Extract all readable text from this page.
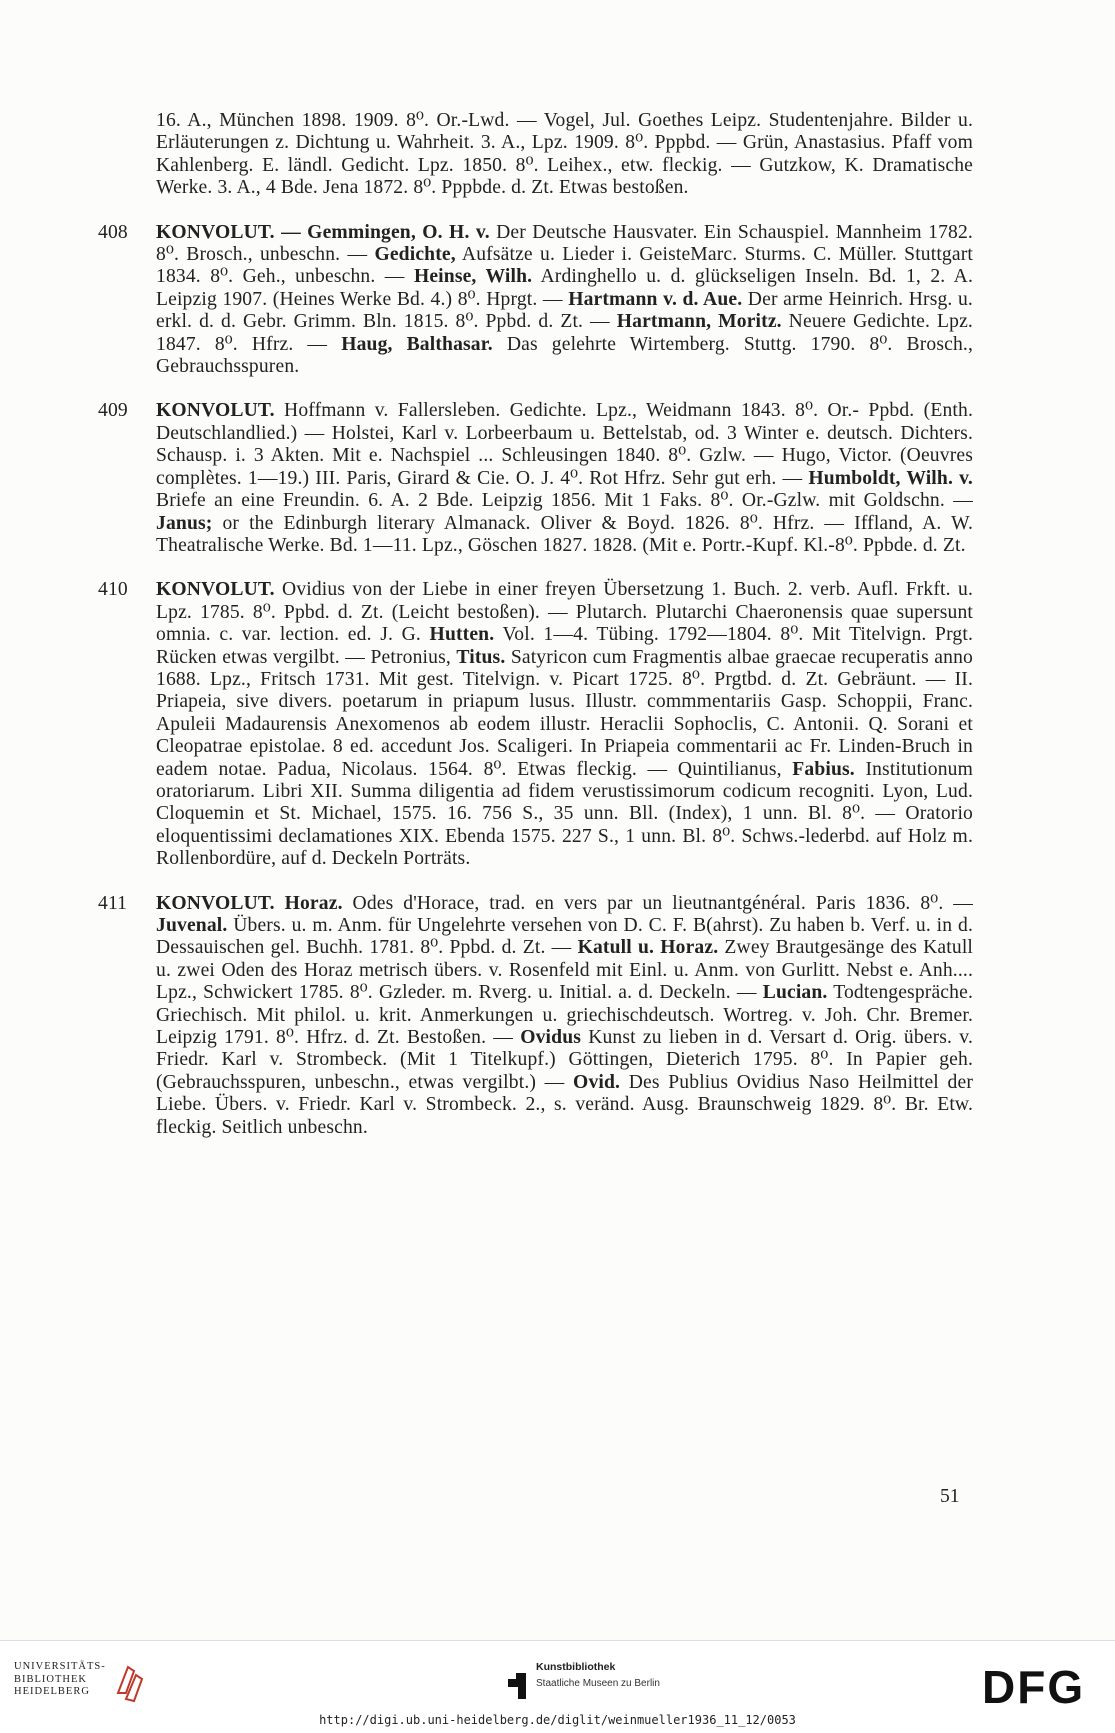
16. A., München 1898. 1909. 8⁰. Or.-Lwd. — Vogel, Jul. Goethes Leipz. Studentenjahre. Bilder u. Erläuterungen z. Dichtung u. Wahrheit. 3. A., Lpz. 1909. 8⁰. Pppbd. — Grün, Anastasius. Pfaff vom Kahlenberg. E. ländl. Gedicht. Lpz. 1850. 8⁰. Leihex., etw. fleckig. — Gutzkow, K. Dramatische Werke. 3. A., 4 Bde. Jena 1872. 8⁰. Pppbde. d. Zt. Etwas bestoßen.
408	KONVOLUT. — Gemmingen, O. H. v. Der Deutsche Hausvater. Ein Schauspiel. Mannheim 1782. 8⁰. Brosch., unbeschn. — Gedichte, Aufsätze u. Lieder i. GeisteMarc. Sturms. C. Müller. Stuttgart 1834. 8⁰. Geh., unbeschn. — Heinse, Wilh. Ardinghello u. d. glückseligen Inseln. Bd. 1, 2. A. Leipzig 1907. (Heines Werke Bd. 4.) 8⁰. Hprgt. — Hartmann v. d. Aue. Der arme Heinrich. Hrsg. u. erkl. d. d. Gebr. Grimm. Bln. 1815. 8⁰. Ppbd. d. Zt. — Hartmann, Moritz. Neuere Gedichte. Lpz. 1847. 8⁰. Hfrz. — Haug, Balthasar. Das gelehrte Wirtemberg. Stuttg. 1790. 8⁰. Brosch., Gebrauchsspuren.
409	KONVOLUT. Hoffmann v. Fallersleben. Gedichte. Lpz., Weidmann 1843. 8⁰. Or.- Ppbd. (Enth. Deutschlandlied.) — Holstei, Karl v. Lorbeerbaum u. Bettelstab, od. 3 Winter e. deutsch. Dichters. Schausp. i. 3 Akten. Mit e. Nachspiel ... Schleusingen 1840. 8⁰. Gzlw. — Hugo, Victor. (Oeuvres complètes. 1—19.) III. Paris, Girard & Cie. O. J. 4⁰. Rot Hfrz. Sehr gut erh. — Humboldt, Wilh. v. Briefe an eine Freundin. 6. A. 2 Bde. Leipzig 1856. Mit 1 Faks. 8⁰. Or.-Gzlw. mit Goldschn. — Janus; or the Edinburgh literary Almanack. Oliver & Boyd. 1826. 8⁰. Hfrz. — Iffland, A. W. Theatralische Werke. Bd. 1—11. Lpz., Göschen 1827. 1828. (Mit e. Portr.-Kupf. Kl.-8⁰. Ppbde. d. Zt.
410	KONVOLUT. Ovidius von der Liebe in einer freyen Übersetzung 1. Buch. 2. verb. Aufl. Frkft. u. Lpz. 1785. 8⁰. Ppbd. d. Zt. (Leicht bestoßen). — Plutarch. Plutarchi Chaeronensis quae supersunt omnia. c. var. lection. ed. J. G. Hutten. Vol. 1—4. Tübing. 1792—1804. 8⁰. Mit Titelvign. Prgt. Rücken etwas vergilbt. — Petronius, Titus. Satyricon cum Fragmentis albae graecae recuperatis anno 1688. Lpz., Fritsch 1731. Mit gest. Titelvign. v. Picart 1725. 8⁰. Prgtbd. d. Zt. Gebräunt. — II. Priapeia, sive divers. poetarum in priapum lusus. Illustr. commmentariis Gasp. Schoppii, Franc. Apuleii Madaurensis Anexomenos ab eodem illustr. Heraclii Sophoclis, C. Antonii. Q. Sorani et Cleopatrae epistolae. 8 ed. accedunt Jos. Scaligeri. In Priapeia commentarii ac Fr. Linden-Bruch in eadem notae. Padua, Nicolaus. 1564. 8⁰. Etwas fleckig. — Quintilianus, Fabius. Institutionum oratoriarum. Libri XII. Summa diligentia ad fidem verustissimorum codicum recogniti. Lyon, Lud. Cloquemin et St. Michael, 1575. 16. 756 S., 35 unn. Bll. (Index), 1 unn. Bl. 8⁰. — Oratorio eloquentissimi declamationes XIX. Ebenda 1575. 227 S., 1 unn. Bl. 8⁰. Schws.-lederbd. auf Holz m. Rollenbordüre, auf d. Deckeln Porträts.
411	KONVOLUT. Horaz. Odes d'Horace, trad. en vers par un lieutnantgénéral. Paris 1836. 8⁰. — Juvenal. Übers. u. m. Anm. für Ungelehrte versehen von D. C. F. B(ahrst). Zu haben b. Verf. u. in d. Dessauischen gel. Buchh. 1781. 8⁰. Ppbd. d. Zt. — Katull u. Horaz. Zwey Brautgesänge des Katull u. zwei Oden des Horaz metrisch übers. v. Rosenfeld mit Einl. u. Anm. von Gurlitt. Nebst e. Anh.... Lpz., Schwickert 1785. 8⁰. Gzleder. m. Rverg. u. Initial. a. d. Deckeln. — Lucian. Todtengespräche. Griechisch. Mit philol. u. krit. Anmerkungen u. griechischdeutsch. Wortreg. v. Joh. Chr. Bremer. Leipzig 1791. 8⁰. Hfrz. d. Zt. Bestoßen. — Ovidus Kunst zu lieben in d. Versart d. Orig. übers. v. Friedr. Karl v. Strombeck. (Mit 1 Titelkupf.) Göttingen, Dieterich 1795. 8⁰. In Papier geh. (Gebrauchsspuren, unbeschn., etwas vergilbt.) — Ovid. Des Publius Ovidius Naso Heilmittel der Liebe. Übers. v. Friedr. Karl v. Strombeck. 2., s. veränd. Ausg. Braunschweig 1829. 8⁰. Br. Etw. fleckig. Seitlich unbeschn.
51
UNIVERSITÄTS-
BIBLIOTHEK
HEIDELBERG
Kunstbibliothek
Staatliche Museen zu Berlin	DFG
http://digi.ub.uni-heidelberg.de/diglit/weinmueller1936_11_12/0053
